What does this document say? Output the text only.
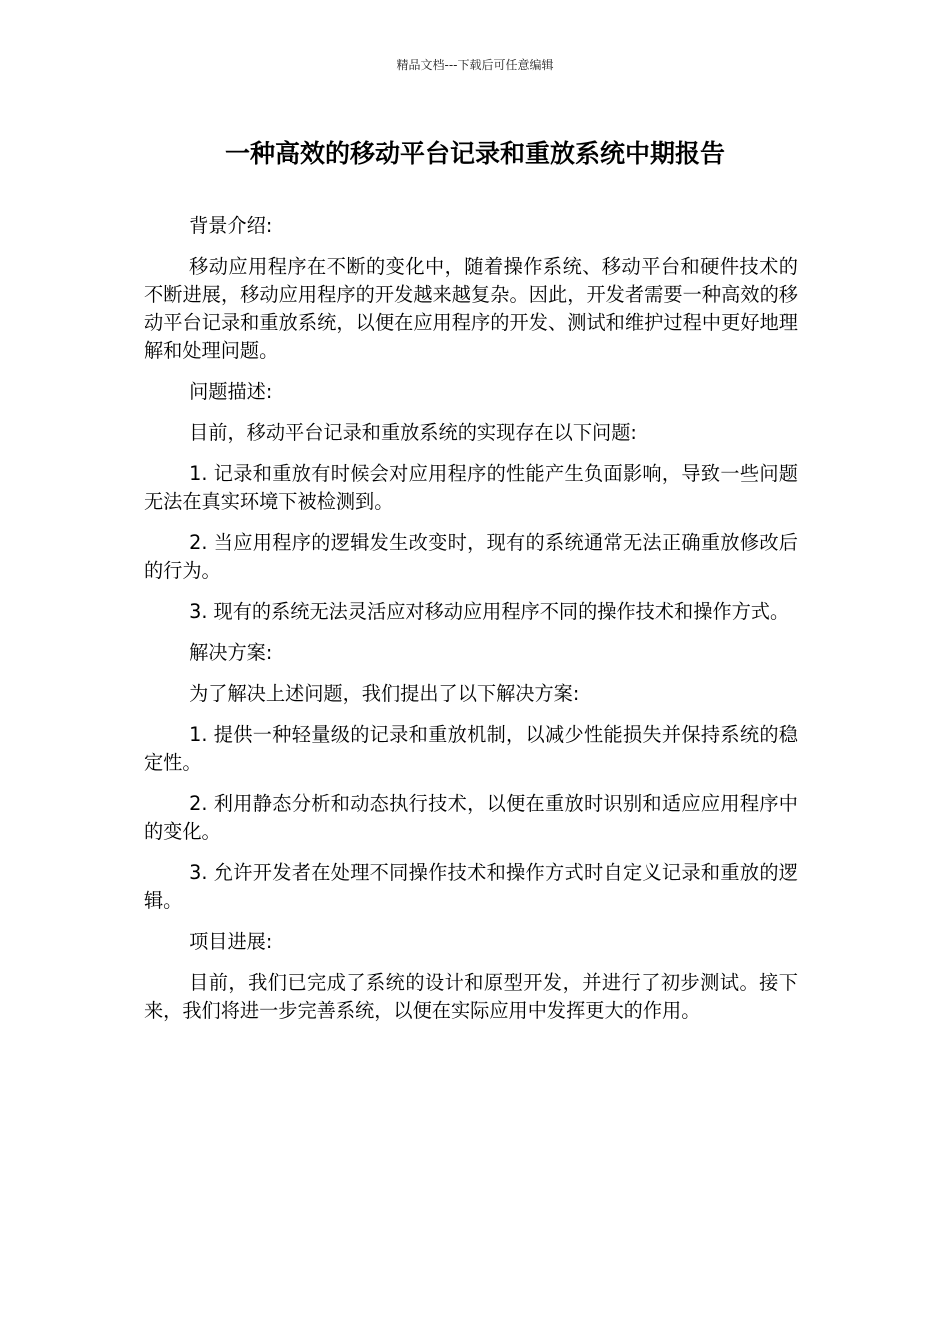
精品文档---下载后可任意编辑
一种高效的移动平台记录和重放系统中期报告

背景介绍:

移动应用程序在不断的变化中，随着操作系统、移动平台和硬件技术的不断进展，移动应用程序的开发越来越复杂。因此，开发者需要一种高效的移动平台记录和重放系统，以便在应用程序的开发、测试和维护过程中更好地理解和处理问题。

问题描述:

目前，移动平台记录和重放系统的实现存在以下问题:

1. 记录和重放有时候会对应用程序的性能产生负面影响，导致一些问题无法在真实环境下被检测到。

2. 当应用程序的逻辑发生改变时，现有的系统通常无法正确重放修改后的行为。

3. 现有的系统无法灵活应对移动应用程序不同的操作技术和操作方式。

解决方案:

为了解决上述问题，我们提出了以下解决方案:

1. 提供一种轻量级的记录和重放机制，以减少性能损失并保持系统的稳定性。

2. 利用静态分析和动态执行技术，以便在重放时识别和适应应用程序中的变化。

3. 允许开发者在处理不同操作技术和操作方式时自定义记录和重放的逻辑。

项目进展:

目前，我们已完成了系统的设计和原型开发，并进行了初步测试。接下来，我们将进一步完善系统，以便在实际应用中发挥更大的作用。
